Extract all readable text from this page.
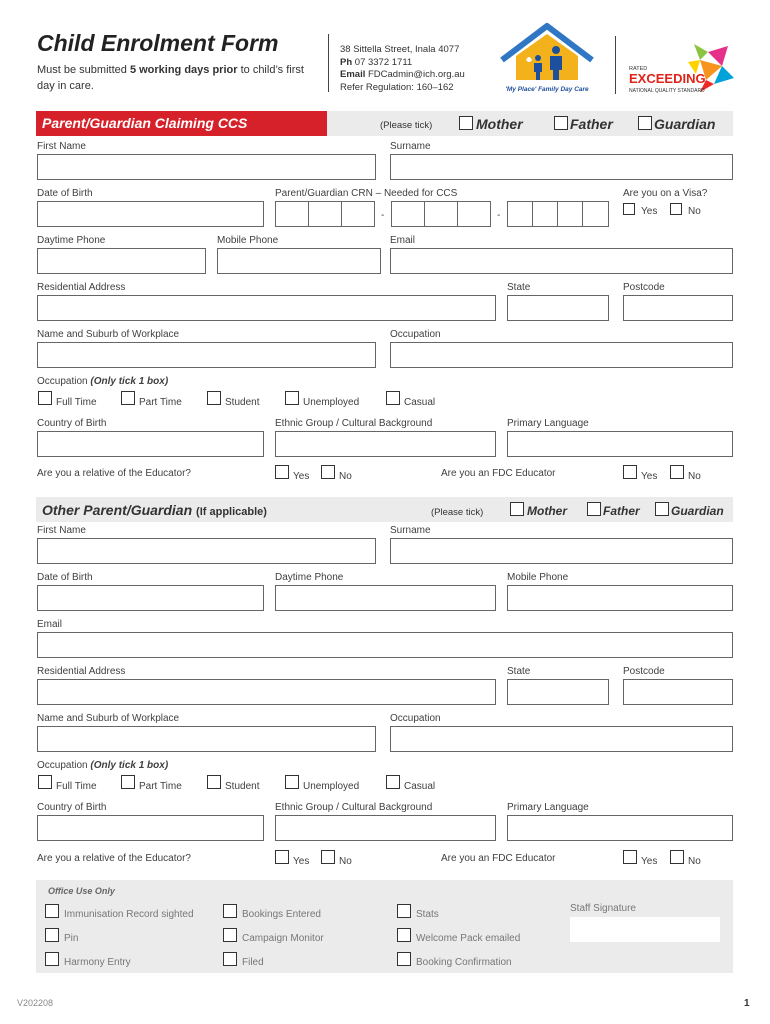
Child Enrolment Form
Must be submitted 5 working days prior to child’s first day in care.
38 Sittella Street, Inala 4077
Ph 07 3372 1711
Email FDCadmin@ich.org.au
Refer Regulation: 160–162	'My Place' Family Day Care
RATED
EXCEEDING
NATIONAL QUALITY STANDARD
Parent/Guardian Claiming CCS	(Please tick)	Mother	Father	Guardian
First Name	Surname
Date of Birth	Parent/Guardian CRN – Needed for CCS
-	-
Are you on a Visa?
Yes	No
Daytime Phone	Mobile Phone	Email
Residential Address	State	Postcode
Name and Suburb of Workplace	Occupation
Occupation (Only tick 1 box)
Full Time	Part Time	Student	Unemployed	Casual
Country of Birth	Ethnic Group / Cultural Background	Primary Language
Are you a relative of the Educator?	Yes	No	Are you an FDC Educator	Yes	No
Other Parent/Guardian (If applicable)	(Please tick)	Mother	Father	Guardian
First Name	Surname
Date of Birth	Daytime Phone	Mobile Phone
Email
Residential Address	State	Postcode
Name and Suburb of Workplace	Occupation
Occupation (Only tick 1 box)
Full Time	Part Time	Student	Unemployed	Casual
Country of Birth	Ethnic Group / Cultural Background	Primary Language
Are you a relative of the Educator?	Yes	No	Are you an FDC Educator	Yes	No
Office Use Only
Immunisation Record sighted
Pin
Harmony Entry
Bookings Entered
Campaign Monitor
Filed
Stats
Welcome Pack emailed
Booking Confirmation
Staff Signature
V202208	1
